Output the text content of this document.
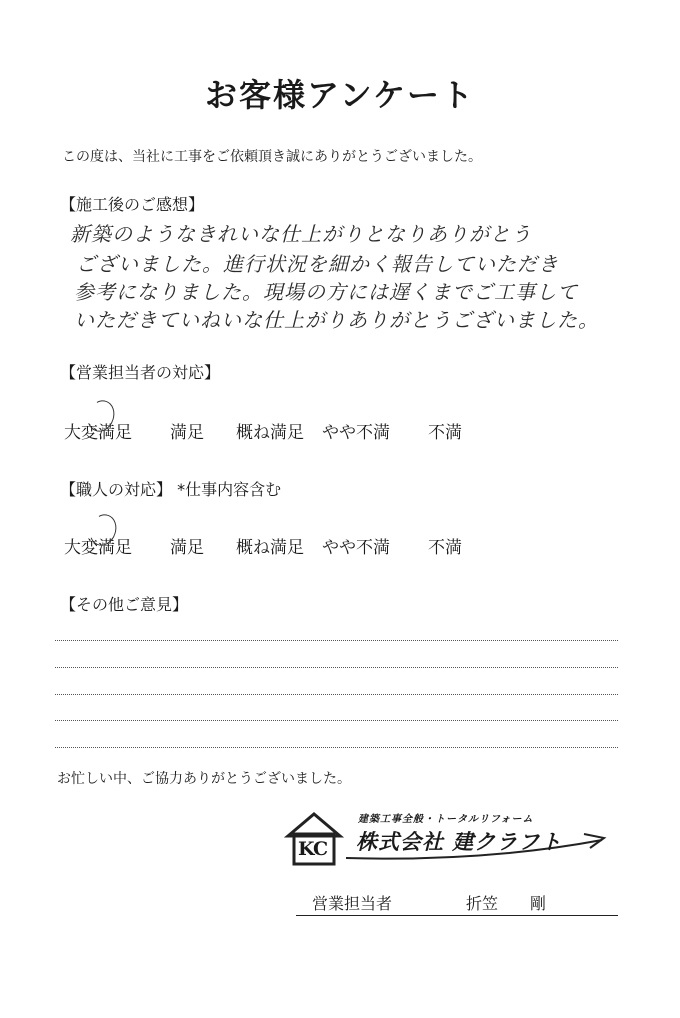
お客様アンケート
この度は、当社に工事をご依頼頂き誠にありがとうございました。
【施工後のご感想】
新築のようなきれいな仕上がりとなりありがとう
ございました。進行状況を細かく報告していただき
参考になりました。現場の方には遅くまでご工事して
いただきていねいな仕上がりありがとうございました。
【営業担当者の対応】
大変満足 満足 概ね満足 やや不満 不満
【職人の対応】 *仕事内容含む
大変満足 満足 概ね満足 やや不満 不満
【その他ご意見】
お忙しい中、ご協力ありがとうございました。
KC
建築工事全般・トータルリフォーム
株式会社 建クラフト
営業担当者	折笠　　剛
